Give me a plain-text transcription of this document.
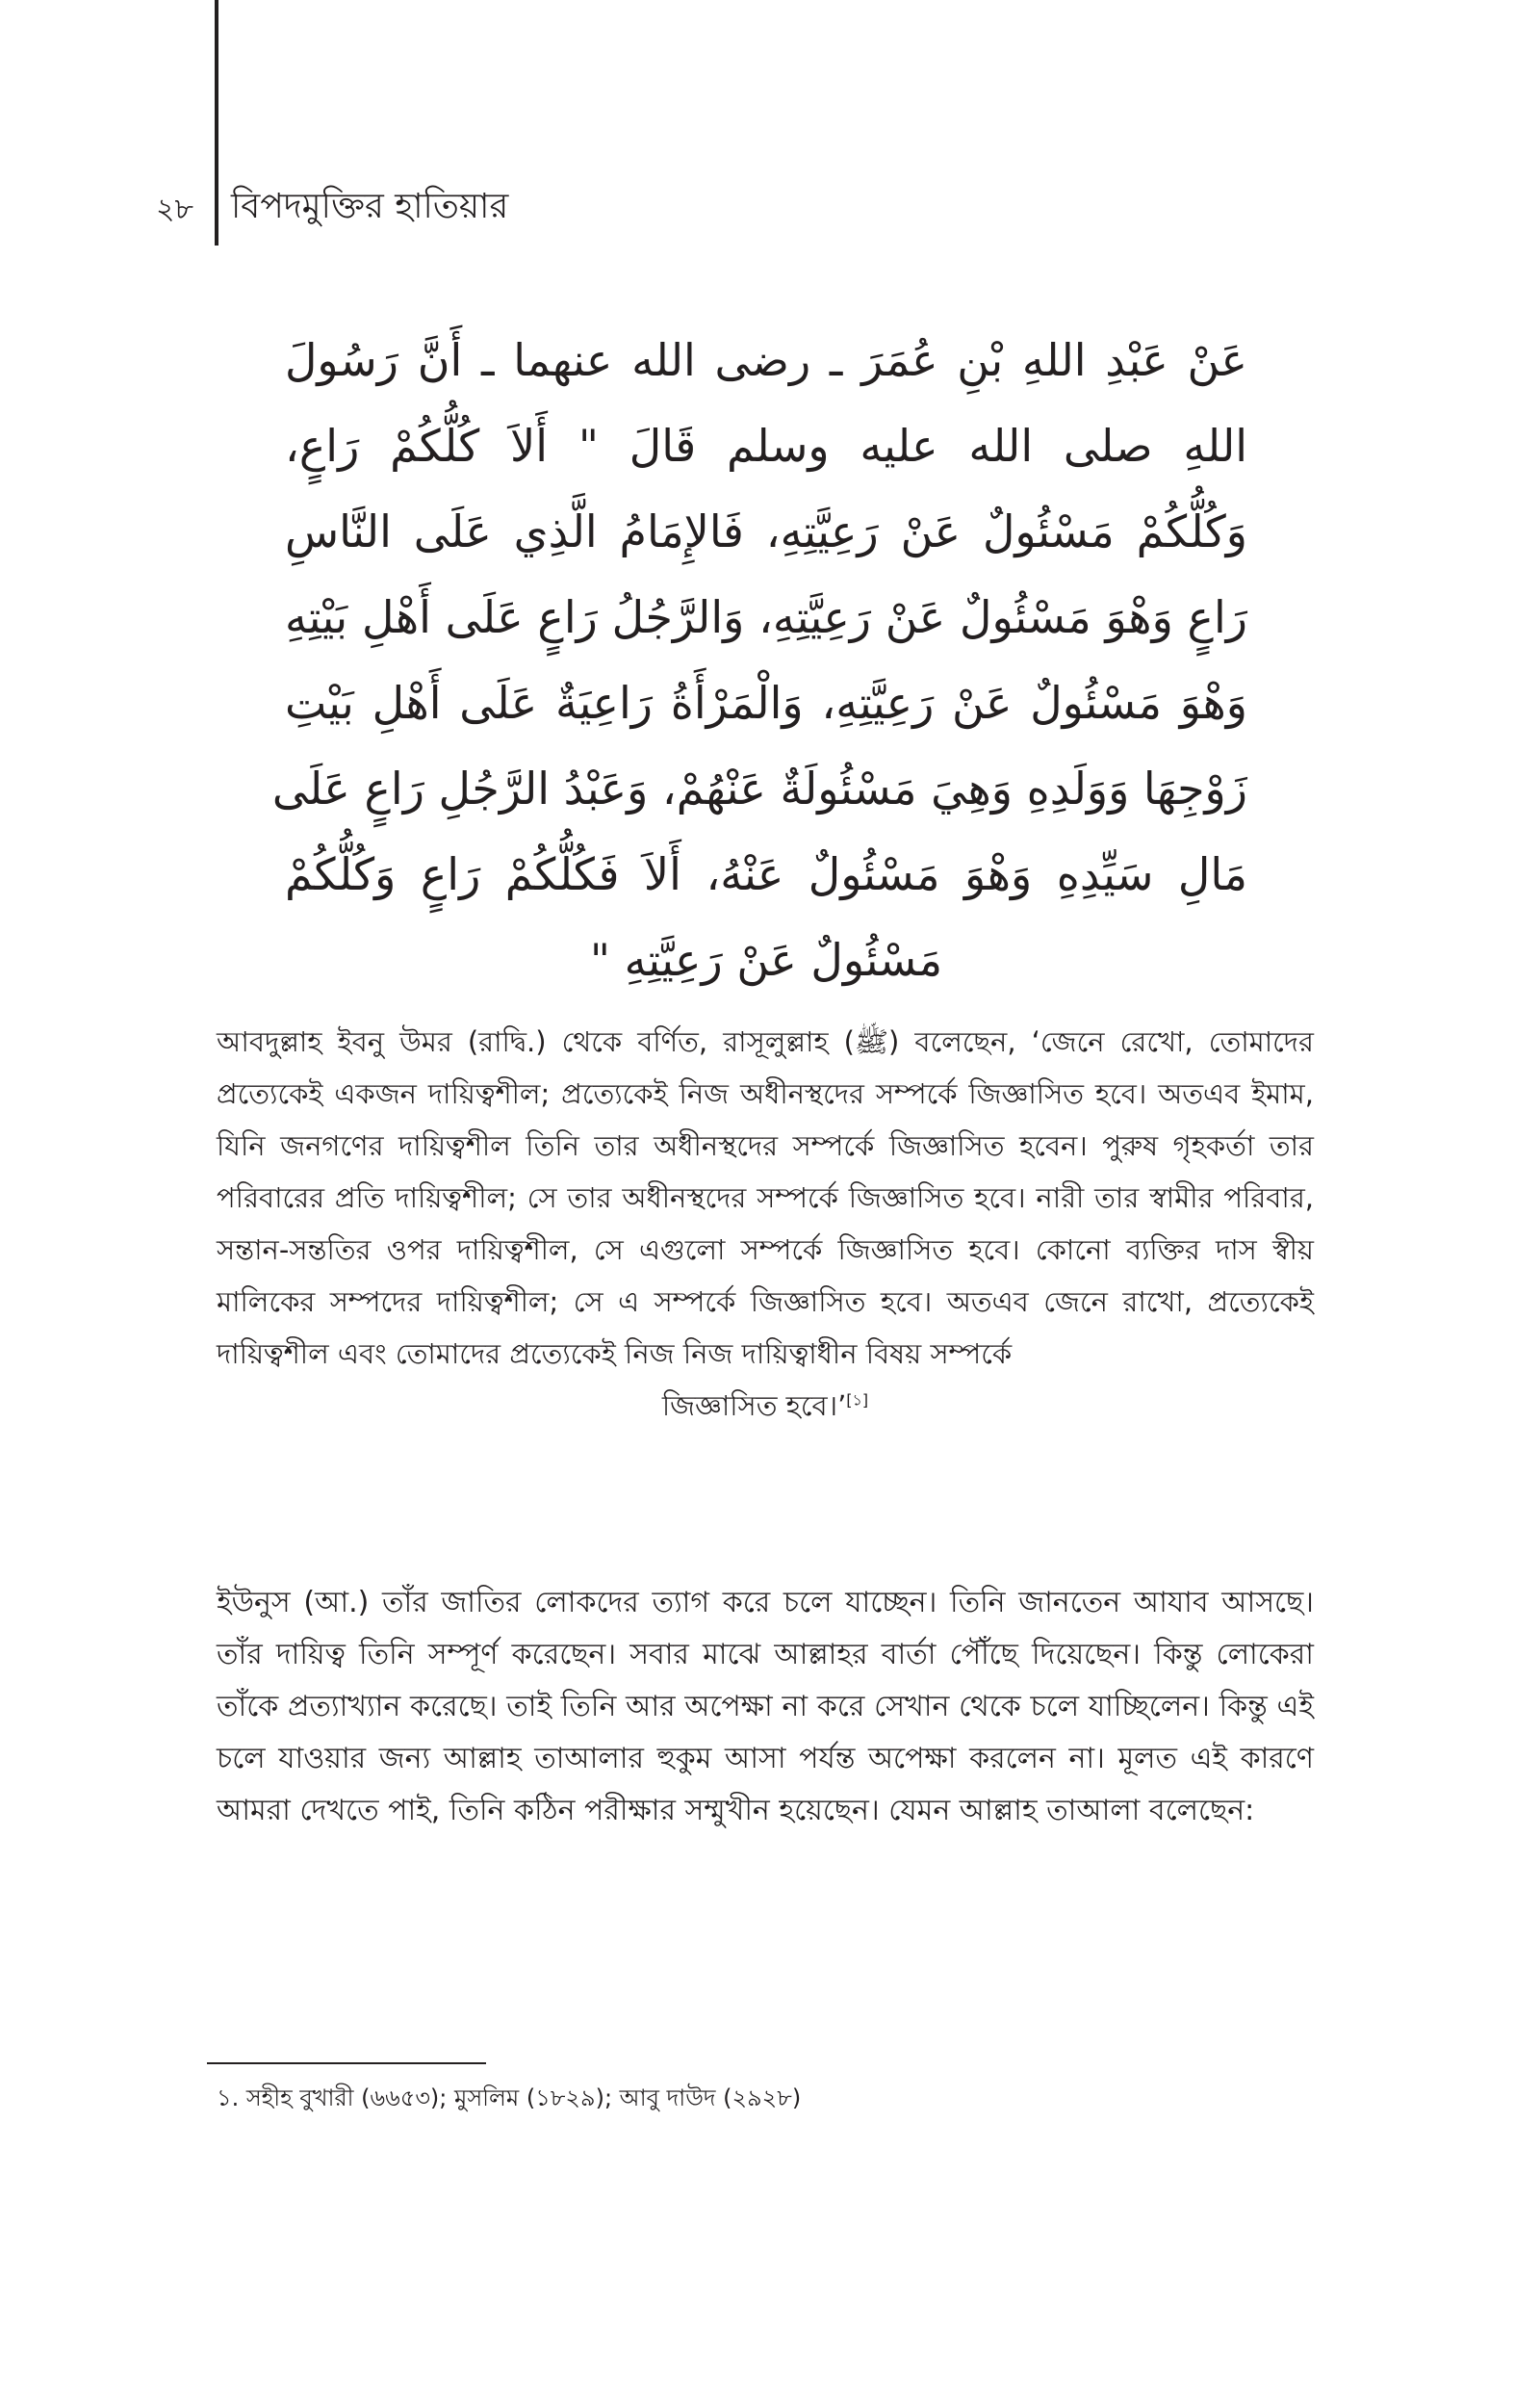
২৮ বিপদমুক্তির হাতিয়ার
عَنْ عَبْدِ اللهِ بْنِ عُمَرَ ـ رضى الله عنهما ـ أَنَّ رَسُولَ
اللهِ صلى الله عليه وسلم قَالَ " أَلاَ كُلُّكُمْ رَاعٍ،
وَكُلُّكُمْ مَسْئُولٌ عَنْ رَعِيَّتِهِ، فَالإِمَامُ الَّذِي عَلَى النَّاسِ
رَاعٍ وَهْوَ مَسْئُولٌ عَنْ رَعِيَّتِهِ، وَالرَّجُلُ رَاعٍ عَلَى أَهْلِ بَيْتِهِ
وَهْوَ مَسْئُولٌ عَنْ رَعِيَّتِهِ، وَالْمَرْأَةُ رَاعِيَةٌ عَلَى أَهْلِ بَيْتِ
زَوْجِهَا وَوَلَدِهِ وَهِيَ مَسْئُولَةٌ عَنْهُمْ، وَعَبْدُ الرَّجُلِ رَاعٍ عَلَى
مَالِ سَيِّدِهِ وَهْوَ مَسْئُولٌ عَنْهُ، أَلاَ فَكُلُّكُمْ رَاعٍ وَكُلُّكُمْ
مَسْئُولٌ عَنْ رَعِيَّتِهِ "
আবদুল্লাহ ইবনু উমর (রাদ্বি.) থেকে বর্ণিত, রাসূলুল্লাহ (ﷺ) বলেছেন, ‘জেনে রেখো, তোমাদের প্রত্যেকেই একজন দায়িত্বশীল; প্রত্যেকেই নিজ অধীনস্থদের সম্পর্কে জিজ্ঞাসিত হবে। অতএব ইমাম, যিনি জনগণের দায়িত্বশীল তিনি তার অধীনস্থদের সম্পর্কে জিজ্ঞাসিত হবেন। পুরুষ গৃহকর্তা তার পরিবারের প্রতি দায়িত্বশীল; সে তার অধীনস্থদের সম্পর্কে জিজ্ঞাসিত হবে। নারী তার স্বামীর পরিবার, সন্তান-সন্ততির ওপর দায়িত্বশীল, সে এগুলো সম্পর্কে জিজ্ঞাসিত হবে। কোনো ব্যক্তির দাস স্বীয় মালিকের সম্পদের দায়িত্বশীল; সে এ সম্পর্কে জিজ্ঞাসিত হবে। অতএব জেনে রাখো, প্রত্যেকেই দায়িত্বশীল এবং তোমাদের প্রত্যেকেই নিজ নিজ দায়িত্বাধীন বিষয় সম্পর্কে
জিজ্ঞাসিত হবে।’[১]
ইউনুস (আ.) তাঁর জাতির লোকদের ত্যাগ করে চলে যাচ্ছেন। তিনি জানতেন আযাব আসছে। তাঁর দায়িত্ব তিনি সম্পূর্ণ করেছেন। সবার মাঝে আল্লাহর বার্তা পৌঁছে দিয়েছেন। কিন্তু লোকেরা তাঁকে প্রত্যাখ্যান করেছে। তাই তিনি আর অপেক্ষা না করে সেখান থেকে চলে যাচ্ছিলেন। কিন্তু এই চলে যাওয়ার জন্য আল্লাহ তাআলার হুকুম আসা পর্যন্ত অপেক্ষা করলেন না। মূলত এই কারণে আমরা দেখতে পাই, তিনি কঠিন পরীক্ষার সম্মুখীন হয়েছেন। যেমন আল্লাহ তাআলা বলেছেন:
১. সহীহ বুখারী (৬৬৫৩); মুসলিম (১৮২৯); আবু দাউদ (২৯২৮)
